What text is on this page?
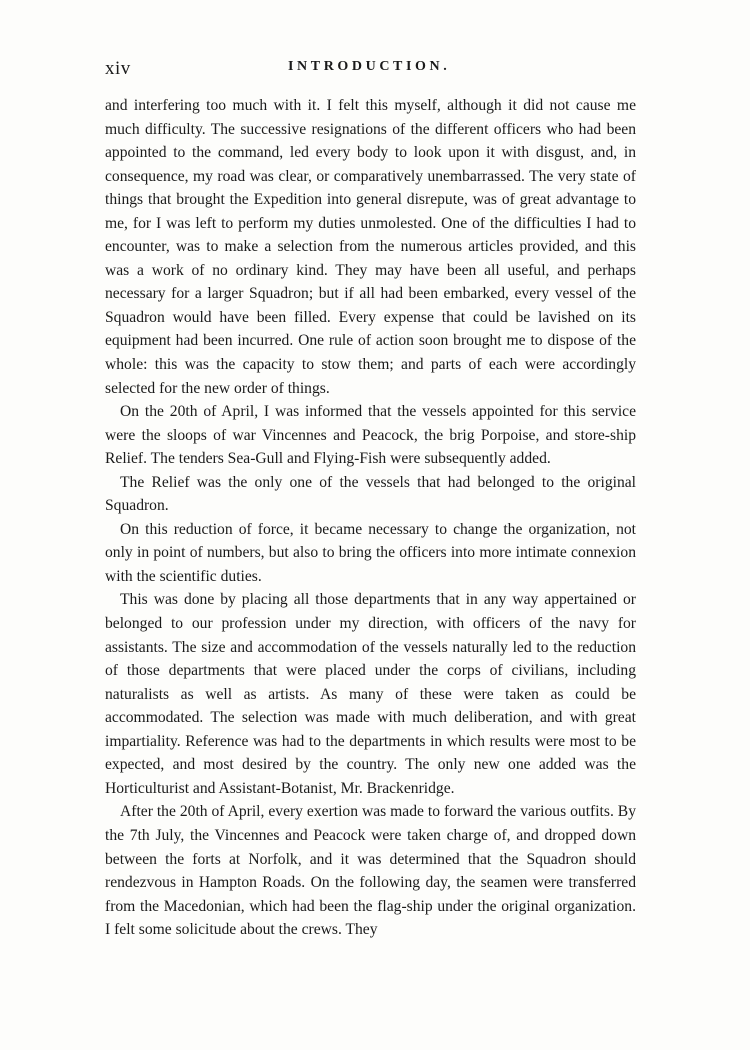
xiv	INTRODUCTION.

and interfering too much with it. I felt this myself, although it did not cause me much difficulty. The successive resignations of the different officers who had been appointed to the command, led every body to look upon it with disgust, and, in consequence, my road was clear, or comparatively unembarrassed. The very state of things that brought the Expedition into general disrepute, was of great advantage to me, for I was left to perform my duties unmolested. One of the difficulties I had to encounter, was to make a selection from the numerous articles provided, and this was a work of no ordinary kind. They may have been all useful, and perhaps necessary for a larger Squadron; but if all had been embarked, every vessel of the Squadron would have been filled. Every expense that could be lavished on its equipment had been incurred. One rule of action soon brought me to dispose of the whole: this was the capacity to stow them; and parts of each were accordingly selected for the new order of things.

On the 20th of April, I was informed that the vessels appointed for this service were the sloops of war Vincennes and Peacock, the brig Porpoise, and store-ship Relief. The tenders Sea-Gull and Flying-Fish were subsequently added.

The Relief was the only one of the vessels that had belonged to the original Squadron.

On this reduction of force, it became necessary to change the organization, not only in point of numbers, but also to bring the officers into more intimate connexion with the scientific duties.

This was done by placing all those departments that in any way appertained or belonged to our profession under my direction, with officers of the navy for assistants. The size and accommodation of the vessels naturally led to the reduction of those departments that were placed under the corps of civilians, including naturalists as well as artists. As many of these were taken as could be accommodated. The selection was made with much deliberation, and with great impartiality. Reference was had to the departments in which results were most to be expected, and most desired by the country. The only new one added was the Horticulturist and Assistant-Botanist, Mr. Brackenridge.

After the 20th of April, every exertion was made to forward the various outfits. By the 7th July, the Vincennes and Peacock were taken charge of, and dropped down between the forts at Norfolk, and it was determined that the Squadron should rendezvous in Hampton Roads. On the following day, the seamen were transferred from the Macedonian, which had been the flag-ship under the original organization. I felt some solicitude about the crews. They
